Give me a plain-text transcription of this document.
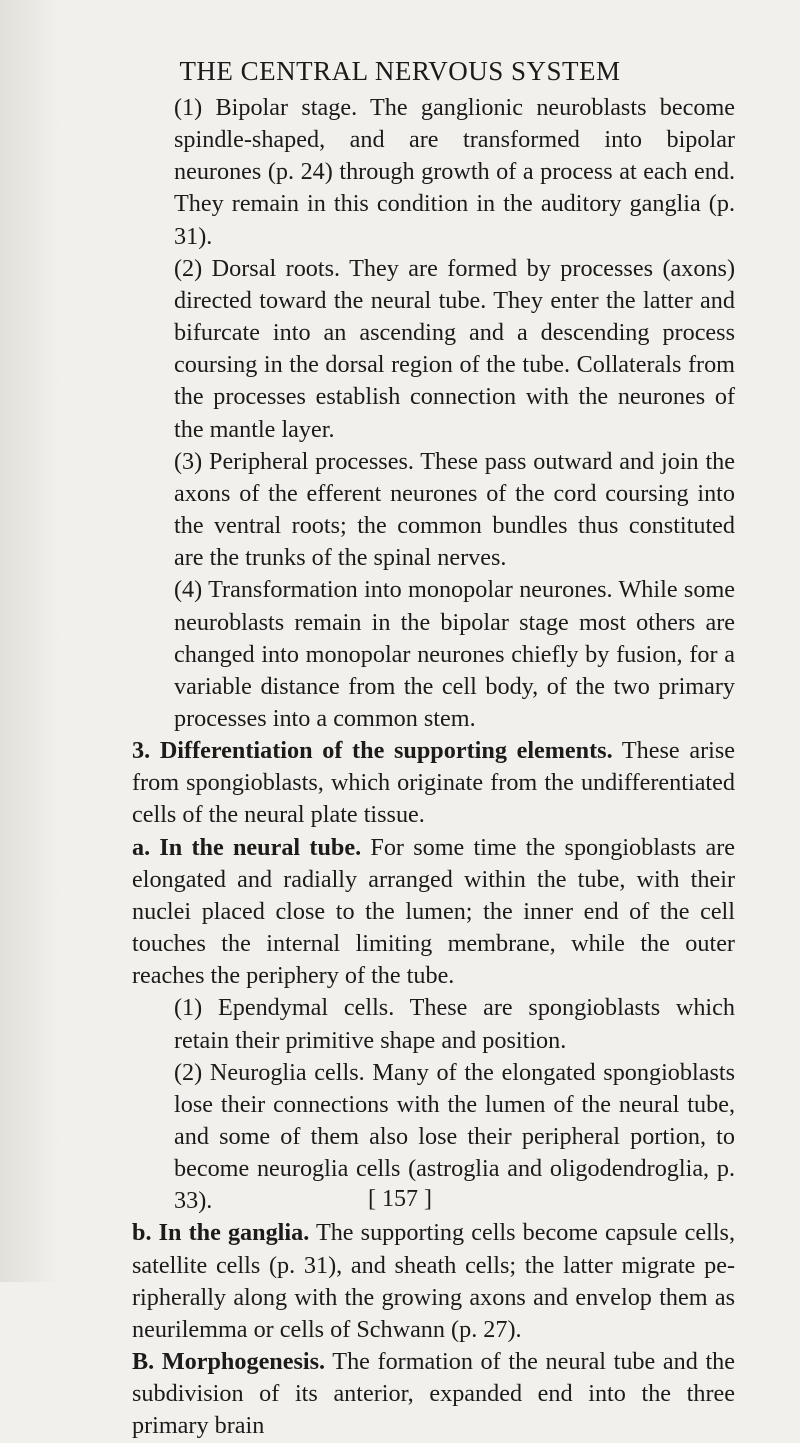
THE CENTRAL NERVOUS SYSTEM

(1) Bipolar stage. The ganglionic neuroblasts become spindle-shaped, and are transformed into bipolar neurones (p. 24) through growth of a process at each end. They remain in this condition in the auditory ganglia (p. 31).

(2) Dorsal roots. They are formed by processes (axons) directed toward the neural tube. They enter the latter and bifurcate into an ascending and a descending process coursing in the dorsal region of the tube. Collaterals from the processes establish connection with the neurones of the mantle layer.

(3) Peripheral processes. These pass outward and join the axons of the efferent neurones of the cord coursing into the ventral roots; the common bundles thus constituted are the trunks of the spinal nerves.

(4) Transformation into monopolar neurones. While some neuroblasts remain in the bipolar stage most others are changed into monopolar neurones chiefly by fusion, for a variable distance from the cell body, of the two primary processes into a common stem.

3. Differentiation of the supporting elements. These arise from spongioblasts, which originate from the undifferentiated cells of the neural plate tissue.

a. In the neural tube. For some time the spongioblasts are elongated and radially arranged within the tube, with their nuclei placed close to the lumen; the inner end of the cell touches the internal limiting membrane, while the outer reaches the periphery of the tube.

(1) Ependymal cells. These are spongioblasts which retain their primitive shape and position.

(2) Neuroglia cells. Many of the elongated spongioblasts lose their connections with the lumen of the neural tube, and some of them also lose their peripheral portion, to become neuroglia cells (astroglia and oligodendroglia, p. 33).

b. In the ganglia. The supporting cells become capsule cells, satellite cells (p. 31), and sheath cells; the latter migrate peripherally along with the growing axons and envelop them as neurilemma or cells of Schwann (p. 27).

B. Morphogenesis. The formation of the neural tube and the subdivision of its anterior, expanded end into the three primary brain

[ 157 ]
